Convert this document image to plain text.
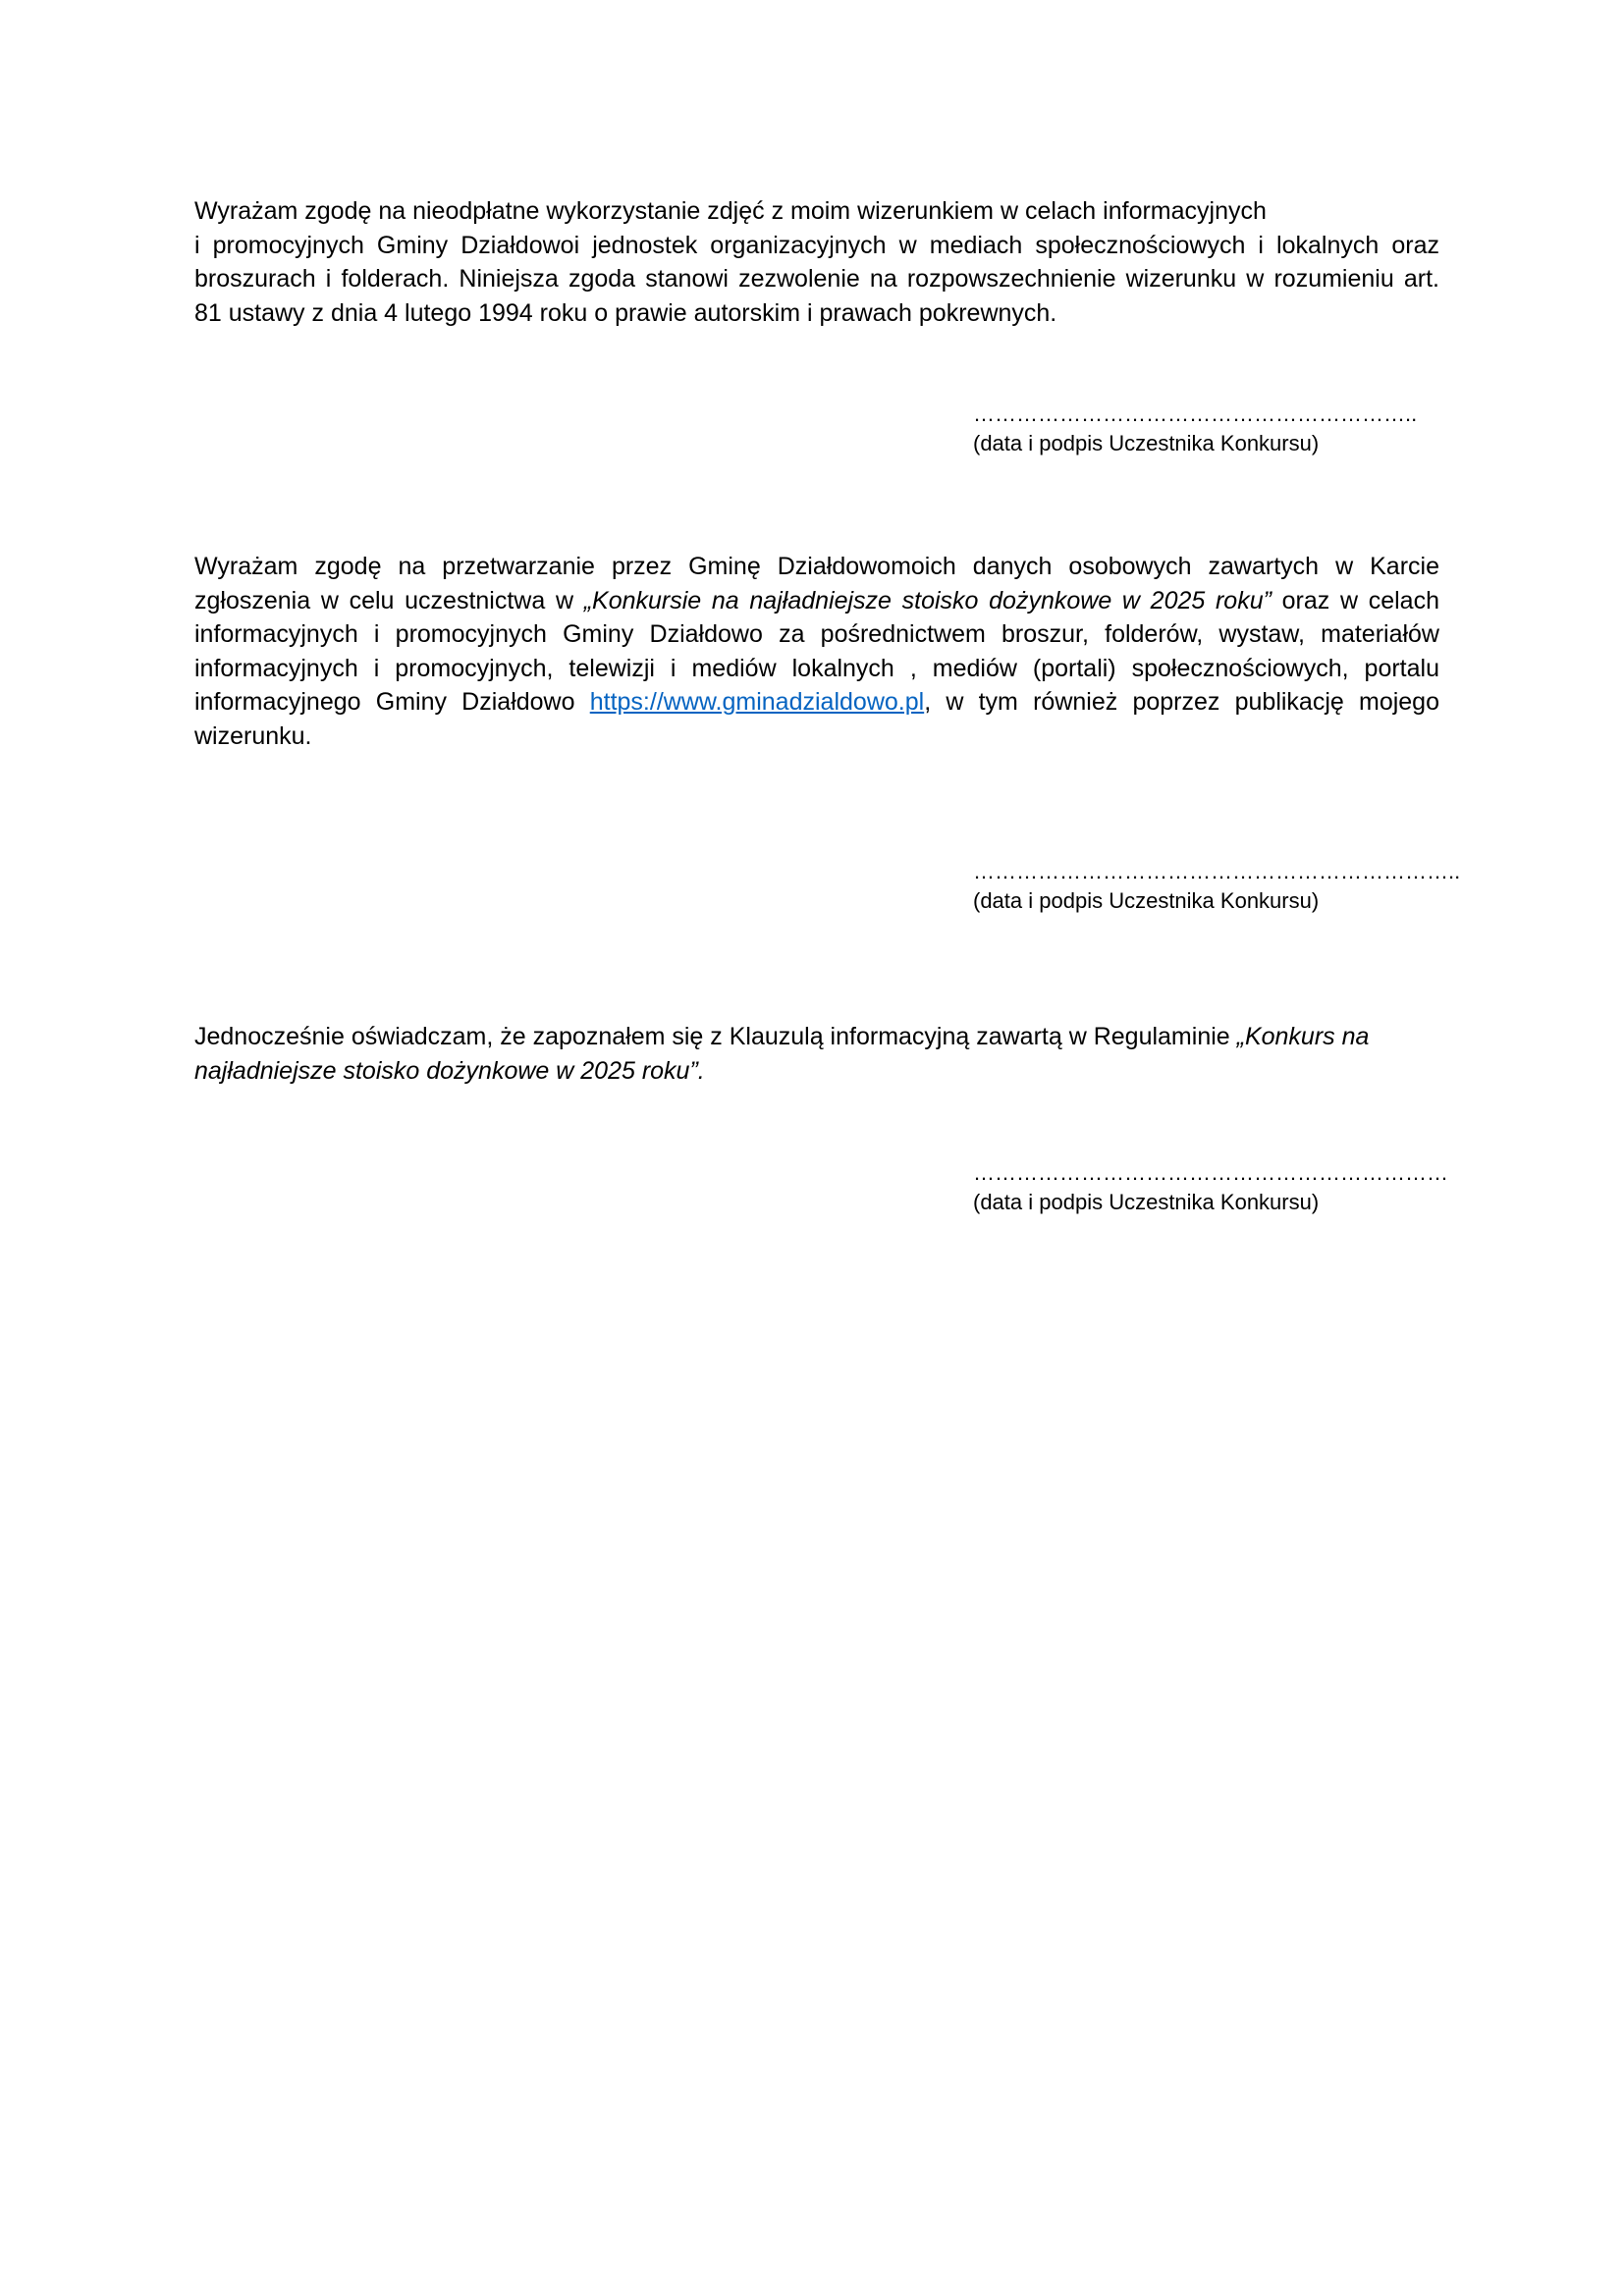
Wyrażam zgodę na nieodpłatne wykorzystanie zdjęć z moim wizerunkiem w celach informacyjnych
i promocyjnych Gminy Działdowoi jednostek organizacyjnych w mediach społecznościowych i lokalnych oraz
broszurach i folderach. Niniejsza zgoda stanowi zezwolenie na rozpowszechnienie wizerunku w rozumieniu art.
81 ustawy z dnia 4 lutego 1994 roku o prawie autorskim i prawach pokrewnych.
……………………………………………………..
(data i podpis Uczestnika Konkursu)
Wyrażam zgodę na przetwarzanie przez Gminę Działdowomoich danych osobowych zawartych w Karcie
zgłoszenia w celu uczestnictwa w „Konkursie na najładniejsze stoisko dożynkowe w 2025 roku” oraz w celach
informacyjnych i promocyjnych Gminy Działdowo za pośrednictwem broszur, folderów, wystaw, materiałów
informacyjnych i promocyjnych, telewizji i mediów lokalnych , mediów (portali) społecznościowych, portalu
informacyjnego Gminy Działdowo https://www.gminadzialdowo.pl, w tym również poprzez publikację mojego
wizerunku.
…………………………………………………………..
(data i podpis Uczestnika Konkursu)
Jednocześnie oświadczam, że zapoznałem się z Klauzulą informacyjną zawartą w Regulaminie „Konkurs na
najładniejsze stoisko dożynkowe w 2025 roku”.
…………………………………………………………
(data i podpis Uczestnika Konkursu)
